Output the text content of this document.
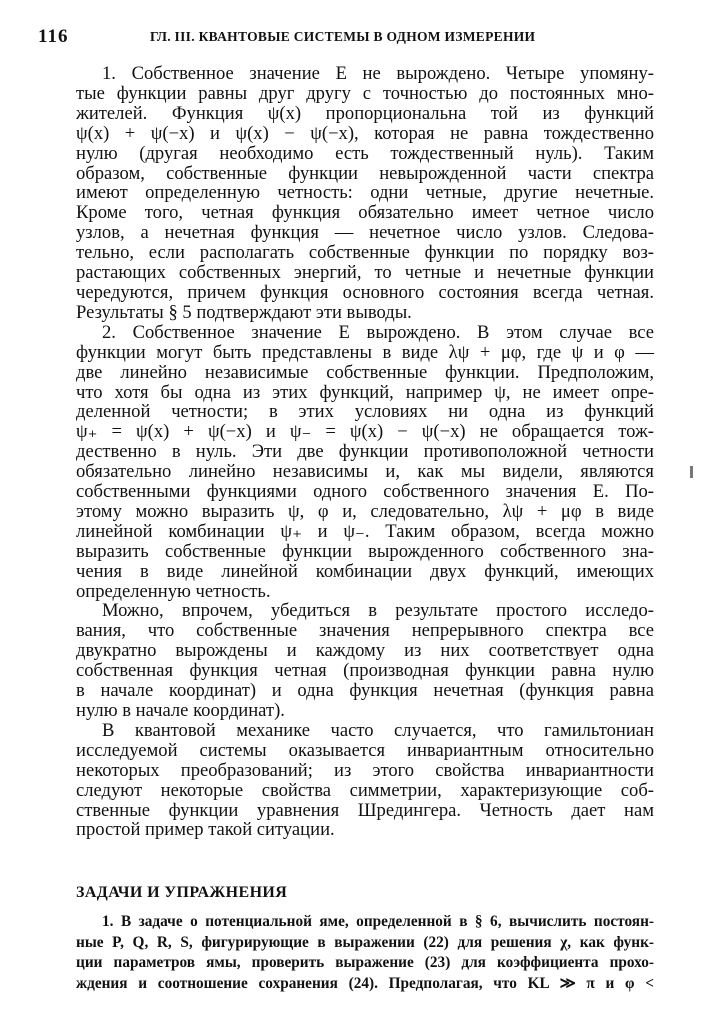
116	ГЛ. III. КВАНТОВЫЕ СИСТЕМЫ В ОДНОМ ИЗМЕРЕНИИ
1. Собственное значение E не вырождено. Четыре упомяну-
тые функции равны друг другу с точностью до постоянных мно-
жителей. Функция ψ(x) пропорциональна той из функций
ψ(x) + ψ(−x) и ψ(x) − ψ(−x), которая не равна тождественно
нулю (другая необходимо есть тождественный нуль). Таким
образом, собственные функции невырожденной части спектра
имеют определенную четность: одни четные, другие нечетные.
Кроме того, четная функция обязательно имеет четное число
узлов, а нечетная функция — нечетное число узлов. Следова-
тельно, если располагать собственные функции по порядку воз-
растающих собственных энергий, то четные и нечетные функции
чередуются, причем функция основного состояния всегда четная.
Результаты § 5 подтверждают эти выводы.
2. Собственное значение E вырождено. В этом случае все
функции могут быть представлены в виде λψ + μφ, где ψ и φ —
две линейно независимые собственные функции. Предположим,
что хотя бы одна из этих функций, например ψ, не имеет опре-
деленной четности; в этих условиях ни одна из функций
ψ₊ = ψ(x) + ψ(−x) и ψ₋ = ψ(x) − ψ(−x) не обращается тож-
дественно в нуль. Эти две функции противоположной четности
обязательно линейно независимы и, как мы видели, являются
собственными функциями одного собственного значения E. По-
этому можно выразить ψ, φ и, следовательно, λψ + μφ в виде
линейной комбинации ψ₊ и ψ₋. Таким образом, всегда можно
выразить собственные функции вырожденного собственного зна-
чения в виде линейной комбинации двух функций, имеющих
определенную четность.
Можно, впрочем, убедиться в результате простого исследо-
вания, что собственные значения непрерывного спектра все
двукратно вырождены и каждому из них соответствует одна
собственная функция четная (производная функции равна нулю
в начале координат) и одна функция нечетная (функция равна
нулю в начале координат).
В квантовой механике часто случается, что гамильтониан
исследуемой системы оказывается инвариантным относительно
некоторых преобразований; из этого свойства инвариантности
следуют некоторые свойства симметрии, характеризующие соб-
ственные функции уравнения Шредингера. Четность дает нам
простой пример такой ситуации.
ЗАДАЧИ И УПРАЖНЕНИЯ
1. В задаче о потенциальной яме, определенной в § 6, вычислить постоян-
ные P, Q, R, S, фигурирующие в выражении (22) для решения χ, как функ-
ции параметров ямы, проверить выражение (23) для коэффициента прохо-
ждения и соотношение сохранения (24). Предполагая, что KL ≫ π и φ <
